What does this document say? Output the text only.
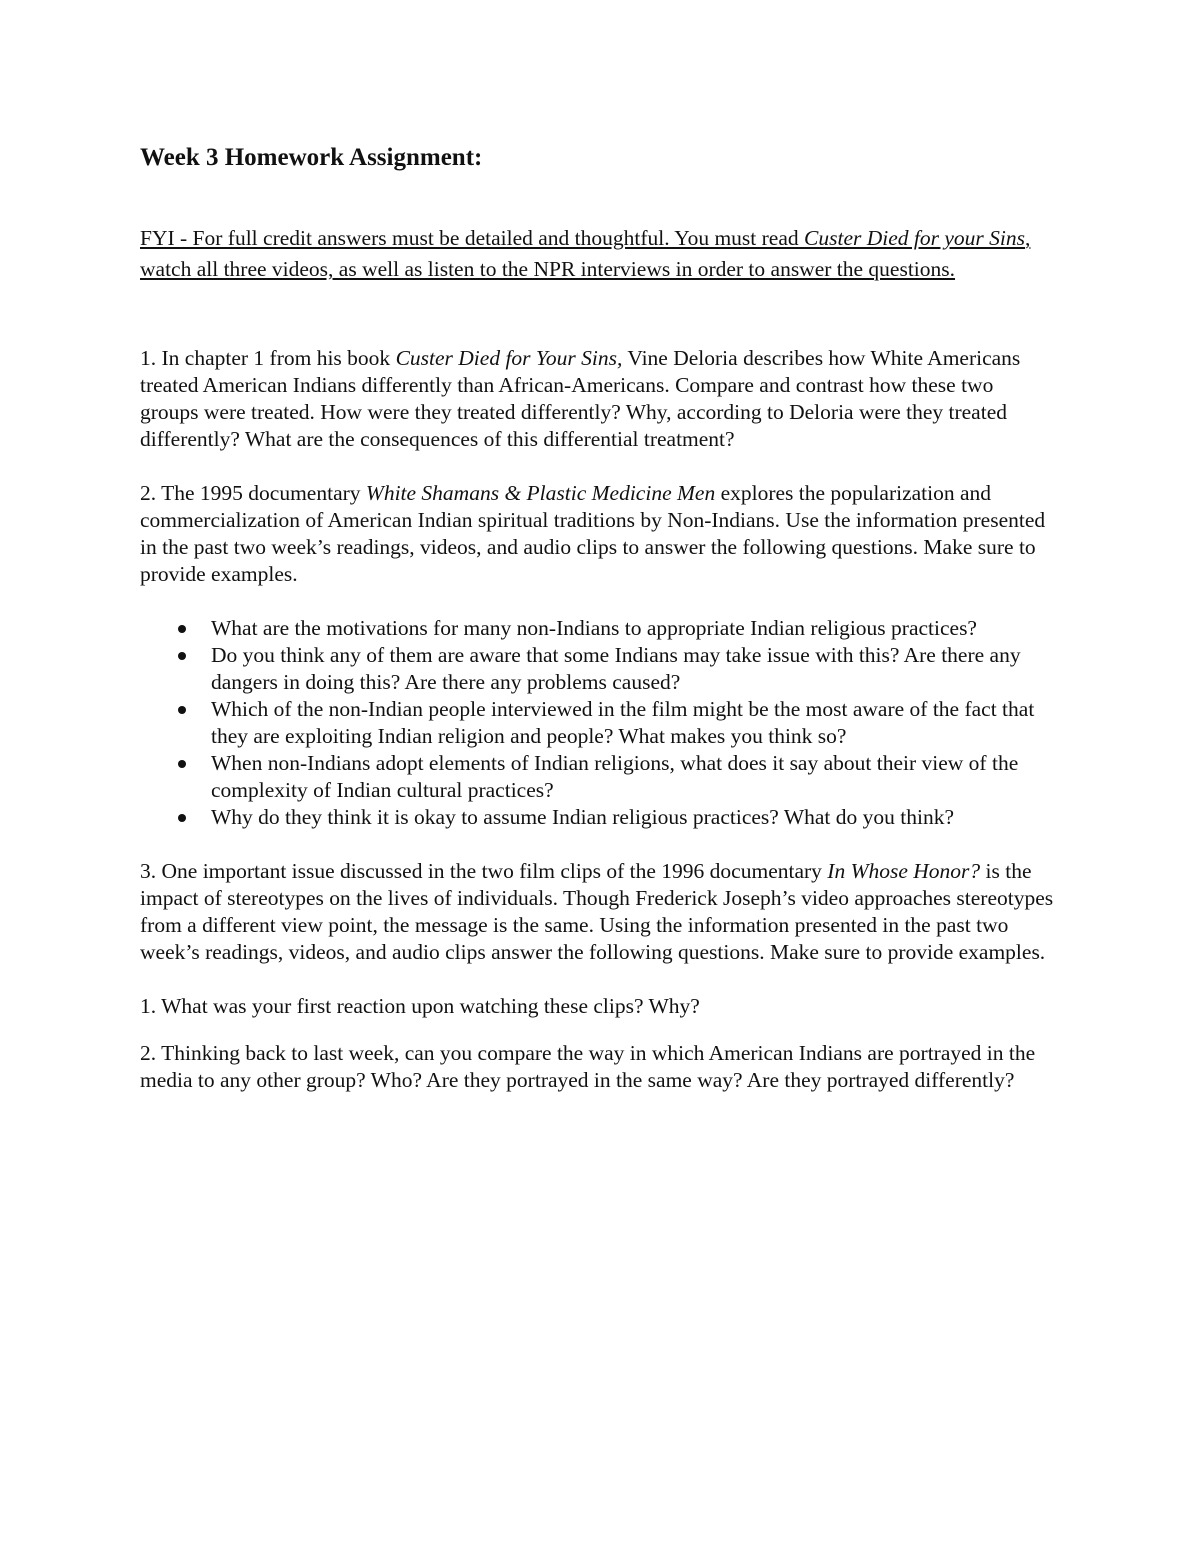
Week 3 Homework Assignment:

FYI - For full credit answers must be detailed and thoughtful. You must read Custer Died for your Sins, watch all three videos, as well as listen to the NPR interviews in order to answer the questions.

1. In chapter 1 from his book Custer Died for Your Sins, Vine Deloria describes how White Americans treated American Indians differently than African-Americans. Compare and contrast how these two groups were treated. How were they treated differently? Why, according to Deloria were they treated differently? What are the consequences of this differential treatment?

2. The 1995 documentary White Shamans & Plastic Medicine Men explores the popularization and commercialization of American Indian spiritual traditions by Non-Indians. Use the information presented in the past two week’s readings, videos, and audio clips to answer the following questions. Make sure to provide examples.

What are the motivations for many non-Indians to appropriate Indian religious practices?
Do you think any of them are aware that some Indians may take issue with this? Are there any dangers in doing this? Are there any problems caused?
Which of the non-Indian people interviewed in the film might be the most aware of the fact that they are exploiting Indian religion and people? What makes you think so?
When non-Indians adopt elements of Indian religions, what does it say about their view of the complexity of Indian cultural practices?
Why do they think it is okay to assume Indian religious practices? What do you think?

3. One important issue discussed in the two film clips of the 1996 documentary In Whose Honor? is the impact of stereotypes on the lives of individuals. Though Frederick Joseph’s video approaches stereotypes from a different view point, the message is the same. Using the information presented in the past two week’s readings, videos, and audio clips answer the following questions. Make sure to provide examples.

1. What was your first reaction upon watching these clips? Why?

2. Thinking back to last week, can you compare the way in which American Indians are portrayed in the media to any other group? Who? Are they portrayed in the same way? Are they portrayed differently?
